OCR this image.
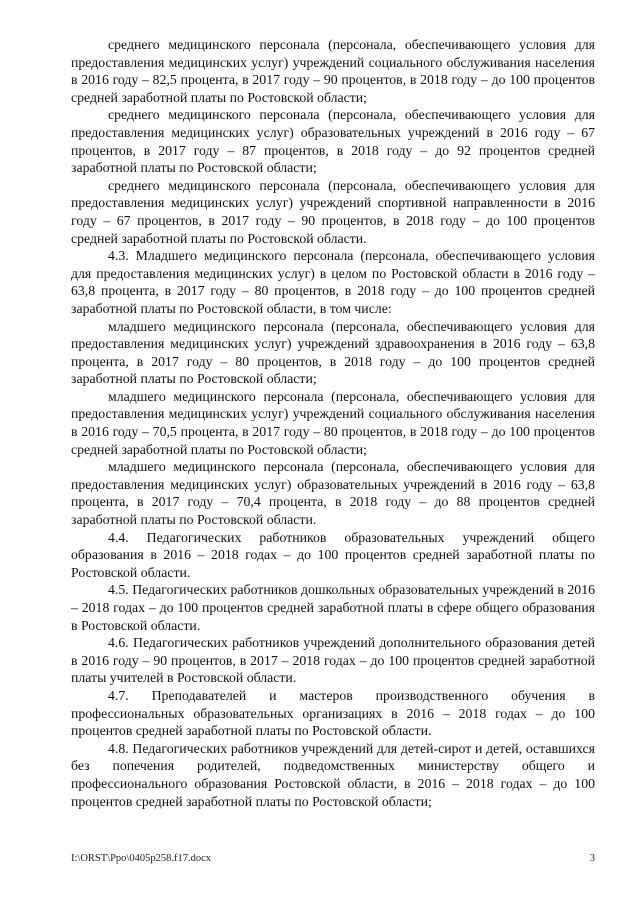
среднего медицинского персонала (персонала, обеспечивающего условия для предоставления медицинских услуг) учреждений социального обслуживания населения в 2016 году – 82,5 процента, в 2017 году – 90 процентов, в 2018 году – до 100 процентов средней заработной платы по Ростовской области;

среднего медицинского персонала (персонала, обеспечивающего условия для предоставления медицинских услуг) образовательных учреждений в 2016 году – 67 процентов, в 2017 году – 87 процентов, в 2018 году – до 92 процентов средней заработной платы по Ростовской области;

среднего медицинского персонала (персонала, обеспечивающего условия для предоставления медицинских услуг) учреждений спортивной направленности в 2016 году – 67 процентов, в 2017 году – 90 процентов, в 2018 году – до 100 процентов средней заработной платы по Ростовской области.

4.3. Младшего медицинского персонала (персонала, обеспечивающего условия для предоставления медицинских услуг) в целом по Ростовской области в 2016 году – 63,8 процента, в 2017 году – 80 процентов, в 2018 году – до 100 процентов средней заработной платы по Ростовской области, в том числе:

младшего медицинского персонала (персонала, обеспечивающего условия для предоставления медицинских услуг) учреждений здравоохранения в 2016 году – 63,8 процента, в 2017 году – 80 процентов, в 2018 году – до 100 процентов средней заработной платы по Ростовской области;

младшего медицинского персонала (персонала, обеспечивающего условия для предоставления медицинских услуг) учреждений социального обслуживания населения в 2016 году – 70,5 процента, в 2017 году – 80 процентов, в 2018 году – до 100 процентов средней заработной платы по Ростовской области;

младшего медицинского персонала (персонала, обеспечивающего условия для предоставления медицинских услуг) образовательных учреждений в 2016 году – 63,8 процента, в 2017 году – 70,4 процента, в 2018 году – до 88 процентов средней заработной платы по Ростовской области.

4.4. Педагогических работников образовательных учреждений общего образования в 2016 – 2018 годах – до 100 процентов средней заработной платы по Ростовской области.

4.5. Педагогических работников дошкольных образовательных учреждений в 2016 – 2018 годах – до 100 процентов средней заработной платы в сфере общего образования в Ростовской области.

4.6. Педагогических работников учреждений дополнительного образования детей в 2016 году – 90 процентов, в 2017 – 2018 годах – до 100 процентов средней заработной платы учителей в Ростовской области.

4.7. Преподавателей и мастеров производственного обучения в профессиональных образовательных организациях в 2016 – 2018 годах – до 100 процентов средней заработной платы по Ростовской области.

4.8. Педагогических работников учреждений для детей-сирот и детей, оставшихся без попечения родителей, подведомственных министерству общего и профессионального образования Ростовской области, в 2016 – 2018 годах – до 100 процентов средней заработной платы по Ростовской области;

I:\ORST\Ppo\0405p258.f17.docx	3
